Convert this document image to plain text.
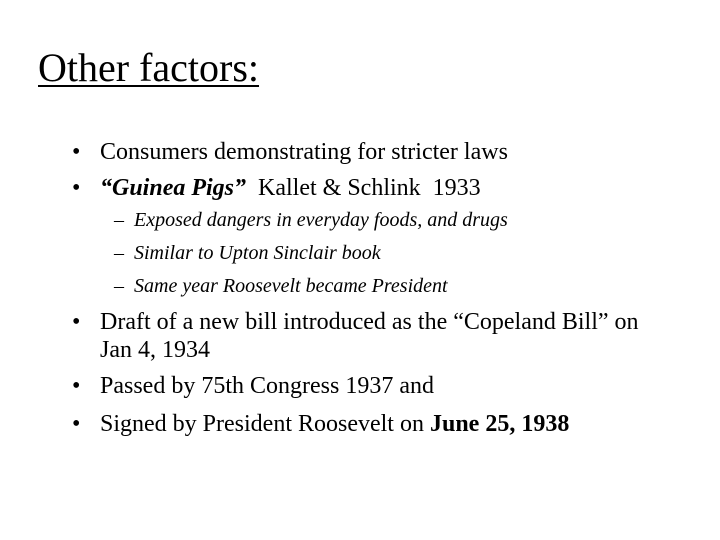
Other factors:
• Consumers demonstrating for stricter laws
• “Guinea Pigs”  Kallet & Schlink  1933
– Exposed dangers in everyday foods, and drugs
– Similar to Upton Sinclair book
– Same year Roosevelt became President
• Draft of a new bill introduced as the “Copeland Bill” on Jan 4, 1934
• Passed by 75th Congress 1937 and
• Signed by President Roosevelt on June 25, 1938
